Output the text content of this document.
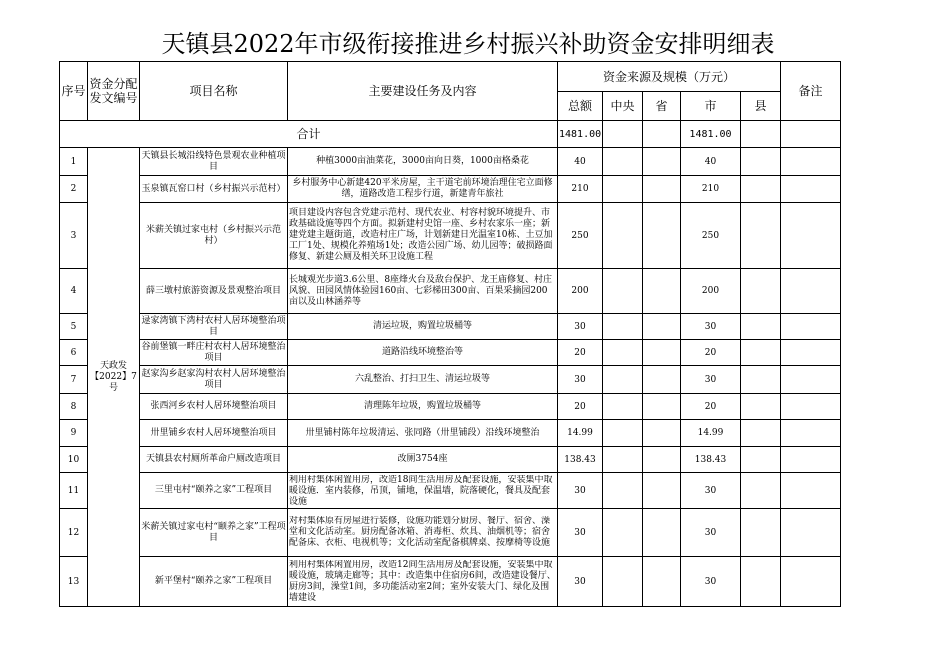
天镇县2022年市级衔接推进乡村振兴补助资金安排明细表
序号	资金分配发文编号	项目名称	主要建设任务及内容	资金来源及规模（万元）					备注
				总额	中央	省	市	县	
合计				1481.00			1481.00		
1	天政发【2022】7号	天镇县长城沿线特色景观农业种植项目	种植3000亩油菜花，3000亩向日葵，1000亩格桑花	40			40		
2		玉泉镇瓦窑口村（乡村振兴示范村）	乡村服务中心新建420平米房屋，主干道宅前环境治理住宅立面修缮，道路改造工程步行道，新建青年旅社	210			210		
3		米薪关镇过家屯村（乡村振兴示范村）	项目建设内容包含党建示范村、现代农业、村容村貌环境提升、市政基础设施等四个方面。拟新建村史馆一座、乡村农家乐一座；新建党建主题街道，改造村庄广场，计划新建日光温室10栋、土豆加工厂1处、规模化养殖场1处；改造公园广场、幼儿园等；破损路面修复、新建公厕及相关环卫设施工程	250			250		
4		薛三墩村旅游资源及景观整治项目	长城观光步道3.6公里、8座烽火台及敌台保护、龙王庙修复、村庄风貌、田园风情体验园160亩、七彩梯田300亩、百果采摘园200亩以及山林涵养等	200			200		
5		逯家湾镇下湾村农村人居环境整治项目	清运垃圾，购置垃圾桶等	30			30		
6		谷前堡镇一畔庄村农村人居环境整治项目	道路沿线环境整治等	20			20		
7		赵家沟乡赵家沟村农村人居环境整治项目	六乱整治、打扫卫生、清运垃圾等	30			30		
8		张西河乡农村人居环境整治项目	清理陈年垃圾，购置垃圾桶等	20			20		
9		卅里铺乡农村人居环境整治项目	卅里铺村陈年垃圾清运、张同路（卅里铺段）沿线环境整治	14.99			14.99		
10		天镇县农村厕所革命户厕改造项目	改厕3754座	138.43			138.43		
11		三里屯村“颐养之家”工程项目	利用村集体闲置用房，改造18间生活用房及配套设施，安装集中取暖设施．室内装修，吊顶，铺地，保温墙，院落硬化，餐具及配套设施	30			30		
12		米薪关镇过家屯村“颐养之家”工程项目	对村集体原有房屋进行装修，设施功能划分厨房、餐厅、宿舍、澡堂和文化活动室。厨房配备冰箱、消毒柜、炊具、油烟机等；宿舍配备床、衣柜、电视机等；文化活动室配备棋牌桌、按摩椅等设施	30			30		
13		新平堡村“颐养之家”工程项目	利用村集体闲置用房，改造12间生活用房及配套设施，安装集中取暖设施，玻璃走廊等；其中：改造集中住宿房6间，改造建设餐厅、厨房3间，澡堂1间，多功能活动室2间；室外安装大门、绿化及围墙建设	30			30		
